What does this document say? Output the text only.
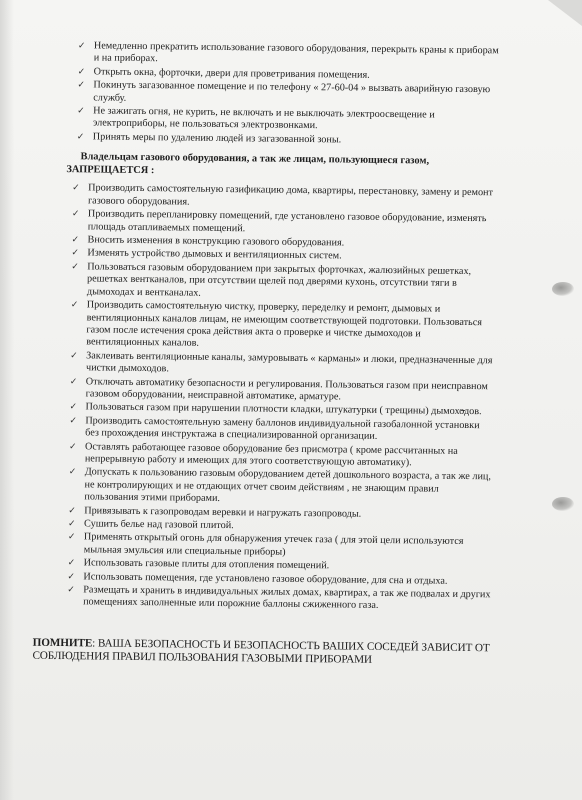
✓ Немедленно прекратить использование газового оборудования, перекрыть краны к приборам и на приборах.
✓ Открыть окна, форточки, двери для проветривания помещения.
✓ Покинуть загазованное помещение и по телефону « 27-60-04 » вызвать аварийную газовую службу.
✓ Не зажигать огня, не курить, не включать и не выключать электроосвещение и электроприборы, не пользоваться электрозвонками.
✓ Принять меры по удалению людей из загазованной зоны.
Владельцам газового оборудования, а так же лицам, пользующиеся газом,
ЗАПРЕЩАЕТСЯ :
✓ Производить самостоятельную газификацию дома, квартиры, перестановку, замену и ремонт газового оборудования.
✓ Производить перепланировку помещений, где установлено газовое оборудование, изменять площадь отапливаемых помещений.
✓ Вносить изменения в конструкцию газового оборудования.
✓ Изменять устройство дымовых и вентиляционных систем.
✓ Пользоваться газовым оборудованием при закрытых форточках, жалюзийных решетках, решетках вентканалов, при отсутствии щелей под дверями кухонь, отсутствии тяги в дымоходах и вентканалах.
✓ Производить самостоятельную чистку, проверку, переделку и ремонт, дымовых и вентиляционных каналов лицам, не имеющим соответствующей подготовки. Пользоваться газом после истечения срока действия акта о проверке и чистке дымоходов и вентиляционных каналов.
✓ Заклеивать вентиляционные каналы, замуровывать « карманы» и люки, предназначенные для чистки дымоходов.
✓ Отключать автоматику безопасности и регулирования. Пользоваться газом при неисправном газовом оборудовании, неисправной автоматике, арматуре.
✓ Пользоваться газом при нарушении плотности кладки, штукатурки ( трещины) дымоходов.
✓ Производить самостоятельную замену баллонов индивидуальной газобалонной установки без прохождения инструктажа в специализированной организации.
✓ Оставлять работающее газовое оборудование без присмотра ( кроме рассчитанных на непрерывную работу и имеющих для этого соответствующую автоматику).
✓ Допускать к пользованию газовым оборудованием детей дошкольного возраста, а так же лиц, не контролирующих и не отдающих отчет своим действиям , не знающим правил пользования этими приборами.
✓ Привязывать к газопроводам веревки и нагружать газопроводы.
✓ Сушить белье над газовой плитой.
✓ Применять открытый огонь для обнаружения утечек газа ( для этой цели используются мыльная эмульсия или специальные приборы)
✓ Использовать газовые плиты для отопления помещений.
✓ Использовать помещения, где установлено газовое оборудование, для сна и отдыха.
✓ Размещать и хранить в индивидуальных жилых домах, квартирах, а так же подвалах и других помещениях заполненные или порожние баллоны сжиженного газа.
ПОМНИТЕ: ВАША БЕЗОПАСНОСТЬ И БЕЗОПАСНОСТЬ ВАШИХ СОСЕДЕЙ ЗАВИСИТ ОТ СОБЛЮДЕНИЯ ПРАВИЛ ПОЛЬЗОВАНИЯ ГАЗОВЫМИ ПРИБОРАМИ
